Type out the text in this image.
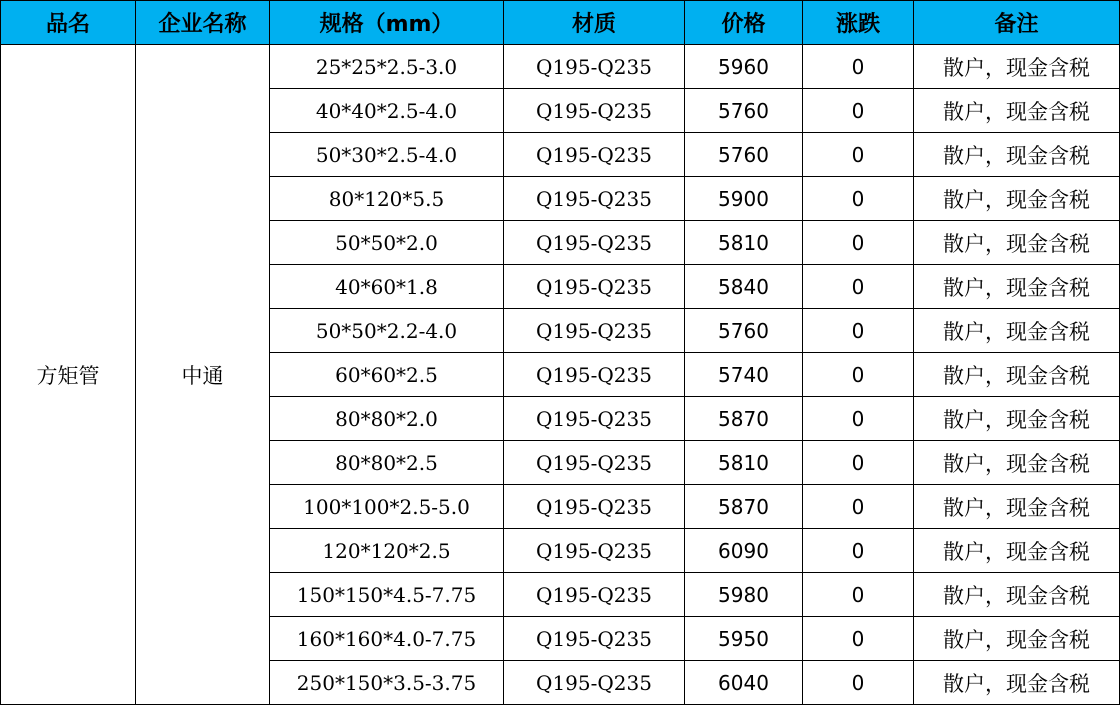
品名	企业名称	规格（mm）	材质	价格	涨跌	备注
方矩管	中通	25*25*2.5-3.0	Q195-Q235	5960	0	散户，现金含税
		40*40*2.5-4.0	Q195-Q235	5760	0	散户，现金含税
		50*30*2.5-4.0	Q195-Q235	5760	0	散户，现金含税
		80*120*5.5	Q195-Q235	5900	0	散户，现金含税
		50*50*2.0	Q195-Q235	5810	0	散户，现金含税
		40*60*1.8	Q195-Q235	5840	0	散户，现金含税
		50*50*2.2-4.0	Q195-Q235	5760	0	散户，现金含税
		60*60*2.5	Q195-Q235	5740	0	散户，现金含税
		80*80*2.0	Q195-Q235	5870	0	散户，现金含税
		80*80*2.5	Q195-Q235	5810	0	散户，现金含税
		100*100*2.5-5.0	Q195-Q235	5870	0	散户，现金含税
		120*120*2.5	Q195-Q235	6090	0	散户，现金含税
		150*150*4.5-7.75	Q195-Q235	5980	0	散户，现金含税
		160*160*4.0-7.75	Q195-Q235	5950	0	散户，现金含税
		250*150*3.5-3.75	Q195-Q235	6040	0	散户，现金含税
